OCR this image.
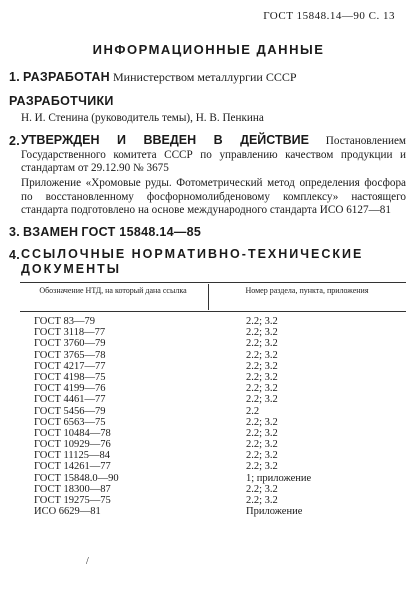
ГОСТ 15848.14—90 С. 13
ИНФОРМАЦИОННЫЕ ДАННЫЕ
1. РАЗРАБОТАН Министерством металлургии СССР
РАЗРАБОТЧИКИ
Н. И. Стенина (руководитель темы), Н. В. Пенкина
2. УТВЕРЖДЕН И ВВЕДЕН В ДЕЙСТВИЕ Постановлением Государственного комитета СССР по управлению качеством продукции и стандартам от 29.12.90 № 3675
Приложение «Хромовые руды. Фотометрический метод определения фосфора по восстановленному фосфорномолибденовому комплексу» настоящего стандарта подготовлено на основе международного стандарта ИСО 6127—81
3. ВЗАМЕН ГОСТ 15848.14—85
4. ССЫЛОЧНЫЕ НОРМАТИВНО-ТЕХНИЧЕСКИЕ ДОКУМЕНТЫ
Обозначение НТД, на который дана ссылка	Номер раздела, пункта, приложения
ГОСТ 83—79	2.2; 3.2
ГОСТ 3118—77	2.2; 3.2
ГОСТ 3760—79	2.2; 3.2
ГОСТ 3765—78	2.2; 3.2
ГОСТ 4217—77	2.2; 3.2
ГОСТ 4198—75	2.2; 3.2
ГОСТ 4199—76	2.2; 3.2
ГОСТ 4461—77	2.2; 3.2
ГОСТ 5456—79	2.2
ГОСТ 6563—75	2.2; 3.2
ГОСТ 10484—78	2.2; 3.2
ГОСТ 10929—76	2.2; 3.2
ГОСТ 11125—84	2.2; 3.2
ГОСТ 14261—77	2.2; 3.2
ГОСТ 15848.0—90	1; приложение
ГОСТ 18300—87	2.2; 3.2
ГОСТ 19275—75	2.2; 3.2
ИСО 6629—81	Приложение
/
